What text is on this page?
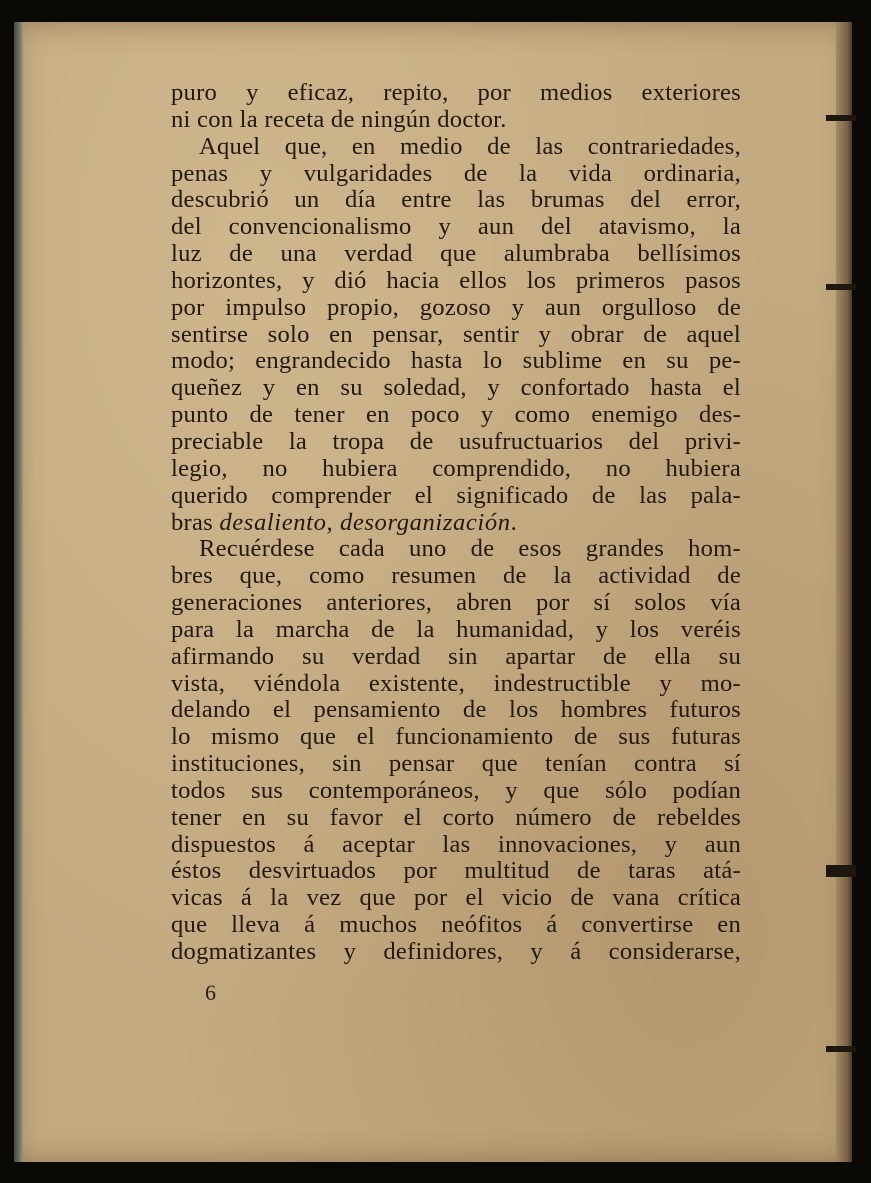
puro y eficaz, repito, por medios exteriores
ni con la receta de ningún doctor.
Aquel que, en medio de las contrariedades,
penas y vulgaridades de la vida ordinaria,
descubrió un día entre las brumas del error,
del convencionalismo y aun del atavismo, la
luz de una verdad que alumbraba bellísimos
horizontes, y dió hacia ellos los primeros pasos
por impulso propio, gozoso y aun orgulloso de
sentirse solo en pensar, sentir y obrar de aquel
modo; engrandecido hasta lo sublime en su pe-
queñez y en su soledad, y confortado hasta el
punto de tener en poco y como enemigo des-
preciable la tropa de usufructuarios del privi-
legio, no hubiera comprendido, no hubiera
querido comprender el significado de las pala-
bras desaliento, desorganización.
Recuérdese cada uno de esos grandes hom-
bres que, como resumen de la actividad de
generaciones anteriores, abren por sí solos vía
para la marcha de la humanidad, y los veréis
afirmando su verdad sin apartar de ella su
vista, viéndola existente, indestructible y mo-
delando el pensamiento de los hombres futuros
lo mismo que el funcionamiento de sus futuras
instituciones, sin pensar que tenían contra sí
todos sus contemporáneos, y que sólo podían
tener en su favor el corto número de rebeldes
dispuestos á aceptar las innovaciones, y aun
éstos desvirtuados por multitud de taras atá-
vicas á la vez que por el vicio de vana crítica
que lleva á muchos neófitos á convertirse en
dogmatizantes y definidores, y á considerarse,
6
